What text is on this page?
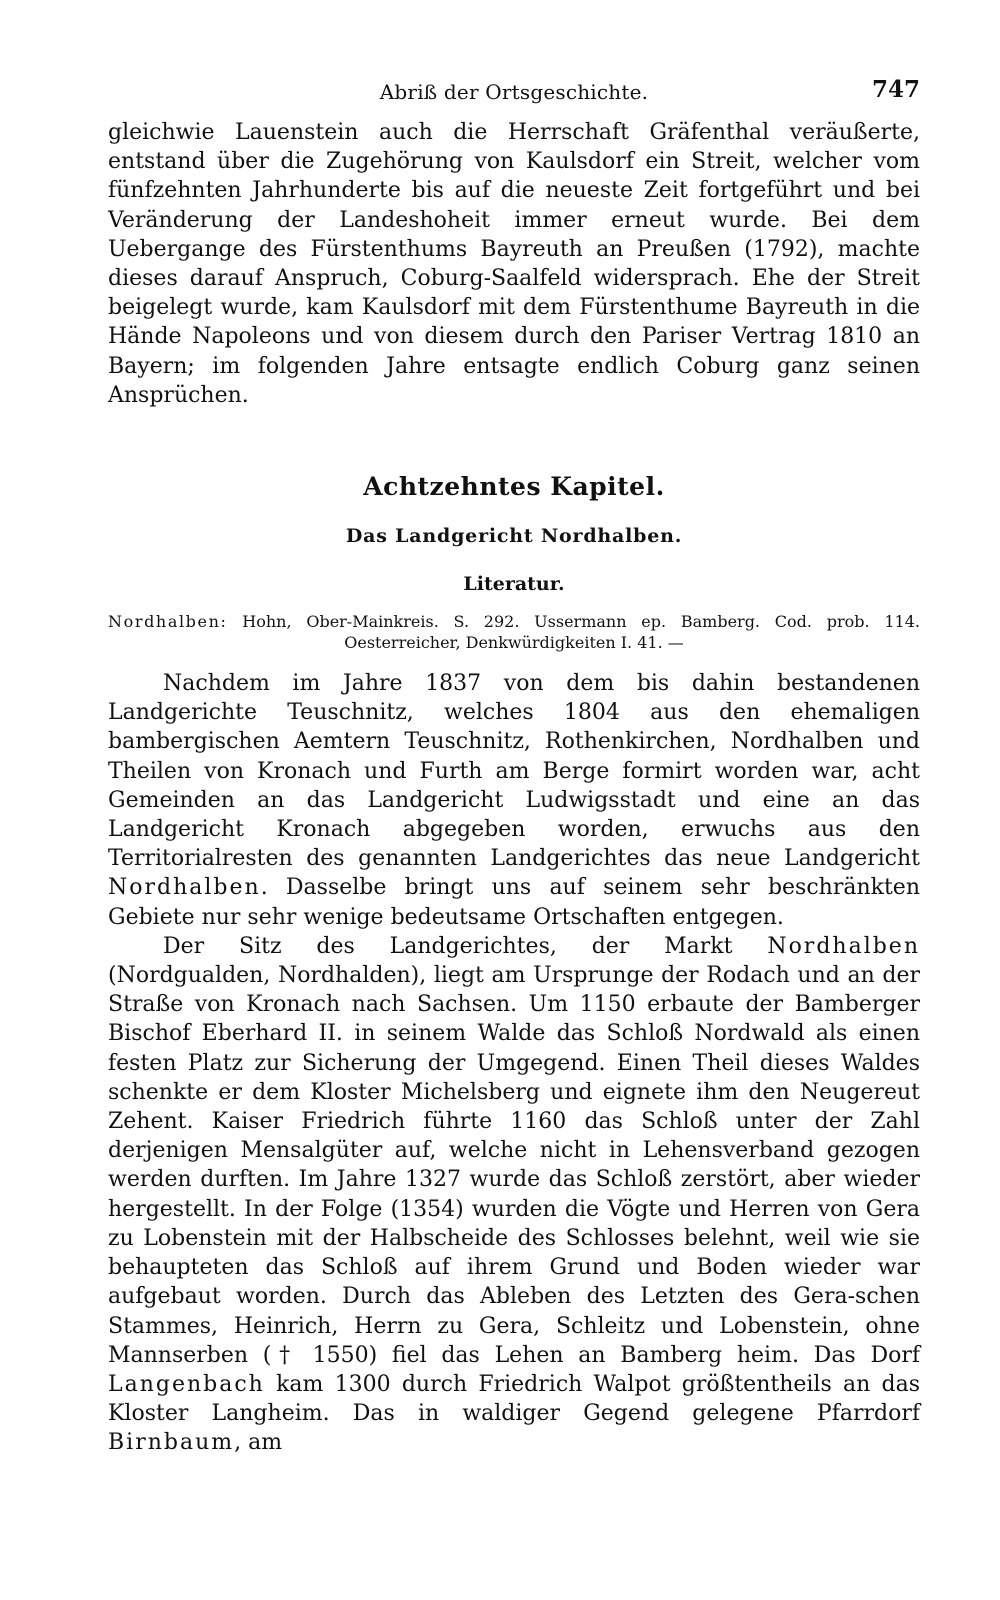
Abriß der Ortsgeschichte.	747

gleichwie Lauenstein auch die Herrschaft Gräfenthal veräußerte, entstand über die Zugehörung von Kaulsdorf ein Streit, welcher vom fünfzehnten Jahrhunderte bis auf die neueste Zeit fortgeführt und bei Veränderung der Landeshoheit immer erneut wurde. Bei dem Uebergange des Fürstenthums Bayreuth an Preußen (1792), machte dieses darauf Anspruch, Coburg-Saalfeld widersprach. Ehe der Streit beigelegt wurde, kam Kaulsdorf mit dem Fürstenthume Bayreuth in die Hände Napoleons und von diesem durch den Pariser Vertrag 1810 an Bayern; im folgenden Jahre entsagte endlich Coburg ganz seinen Ansprüchen.

Achtzehntes Kapitel.
Das Landgericht Nordhalben.
Literatur.
Nordhalben: Hohn, Ober-Mainkreis. S. 292. Ussermann ep. Bamberg. Cod. prob. 114. Oesterreicher, Denkwürdigkeiten I. 41. —

Nachdem im Jahre 1837 von dem bis dahin bestandenen Landgerichte Teuschnitz, welches 1804 aus den ehemaligen bambergischen Aemtern Teuschnitz, Rothenkirchen, Nordhalben und Theilen von Kronach und Furth am Berge formirt worden war, acht Gemeinden an das Landgericht Ludwigsstadt und eine an das Landgericht Kronach abgegeben worden, erwuchs aus den Territorialresten des genannten Landgerichtes das neue Landgericht Nordhalben. Dasselbe bringt uns auf seinem sehr beschränkten Gebiete nur sehr wenige bedeutsame Ortschaften entgegen.

Der Sitz des Landgerichtes, der Markt Nordhalben (Nordgualden, Nordhalden), liegt am Ursprunge der Rodach und an der Straße von Kronach nach Sachsen. Um 1150 erbaute der Bamberger Bischof Eberhard II. in seinem Walde das Schloß Nordwald als einen festen Platz zur Sicherung der Umgegend. Einen Theil dieses Waldes schenkte er dem Kloster Michelsberg und eignete ihm den Neugereut Zehent. Kaiser Friedrich führte 1160 das Schloß unter der Zahl derjenigen Mensalgüter auf, welche nicht in Lehensverband gezogen werden durften. Im Jahre 1327 wurde das Schloß zerstört, aber wieder hergestellt. In der Folge (1354) wurden die Vögte und Herren von Gera zu Lobenstein mit der Halbscheide des Schlosses belehnt, weil wie sie behaupteten das Schloß auf ihrem Grund und Boden wieder war aufgebaut worden. Durch das Ableben des Letzten des Gera-schen Stammes, Heinrich, Herrn zu Gera, Schleitz und Lobenstein, ohne Mannserben († 1550) fiel das Lehen an Bamberg heim. Das Dorf Langenbach kam 1300 durch Friedrich Walpot größtentheils an das Kloster Langheim. Das in waldiger Gegend gelegene Pfarrdorf Birnbaum, am
